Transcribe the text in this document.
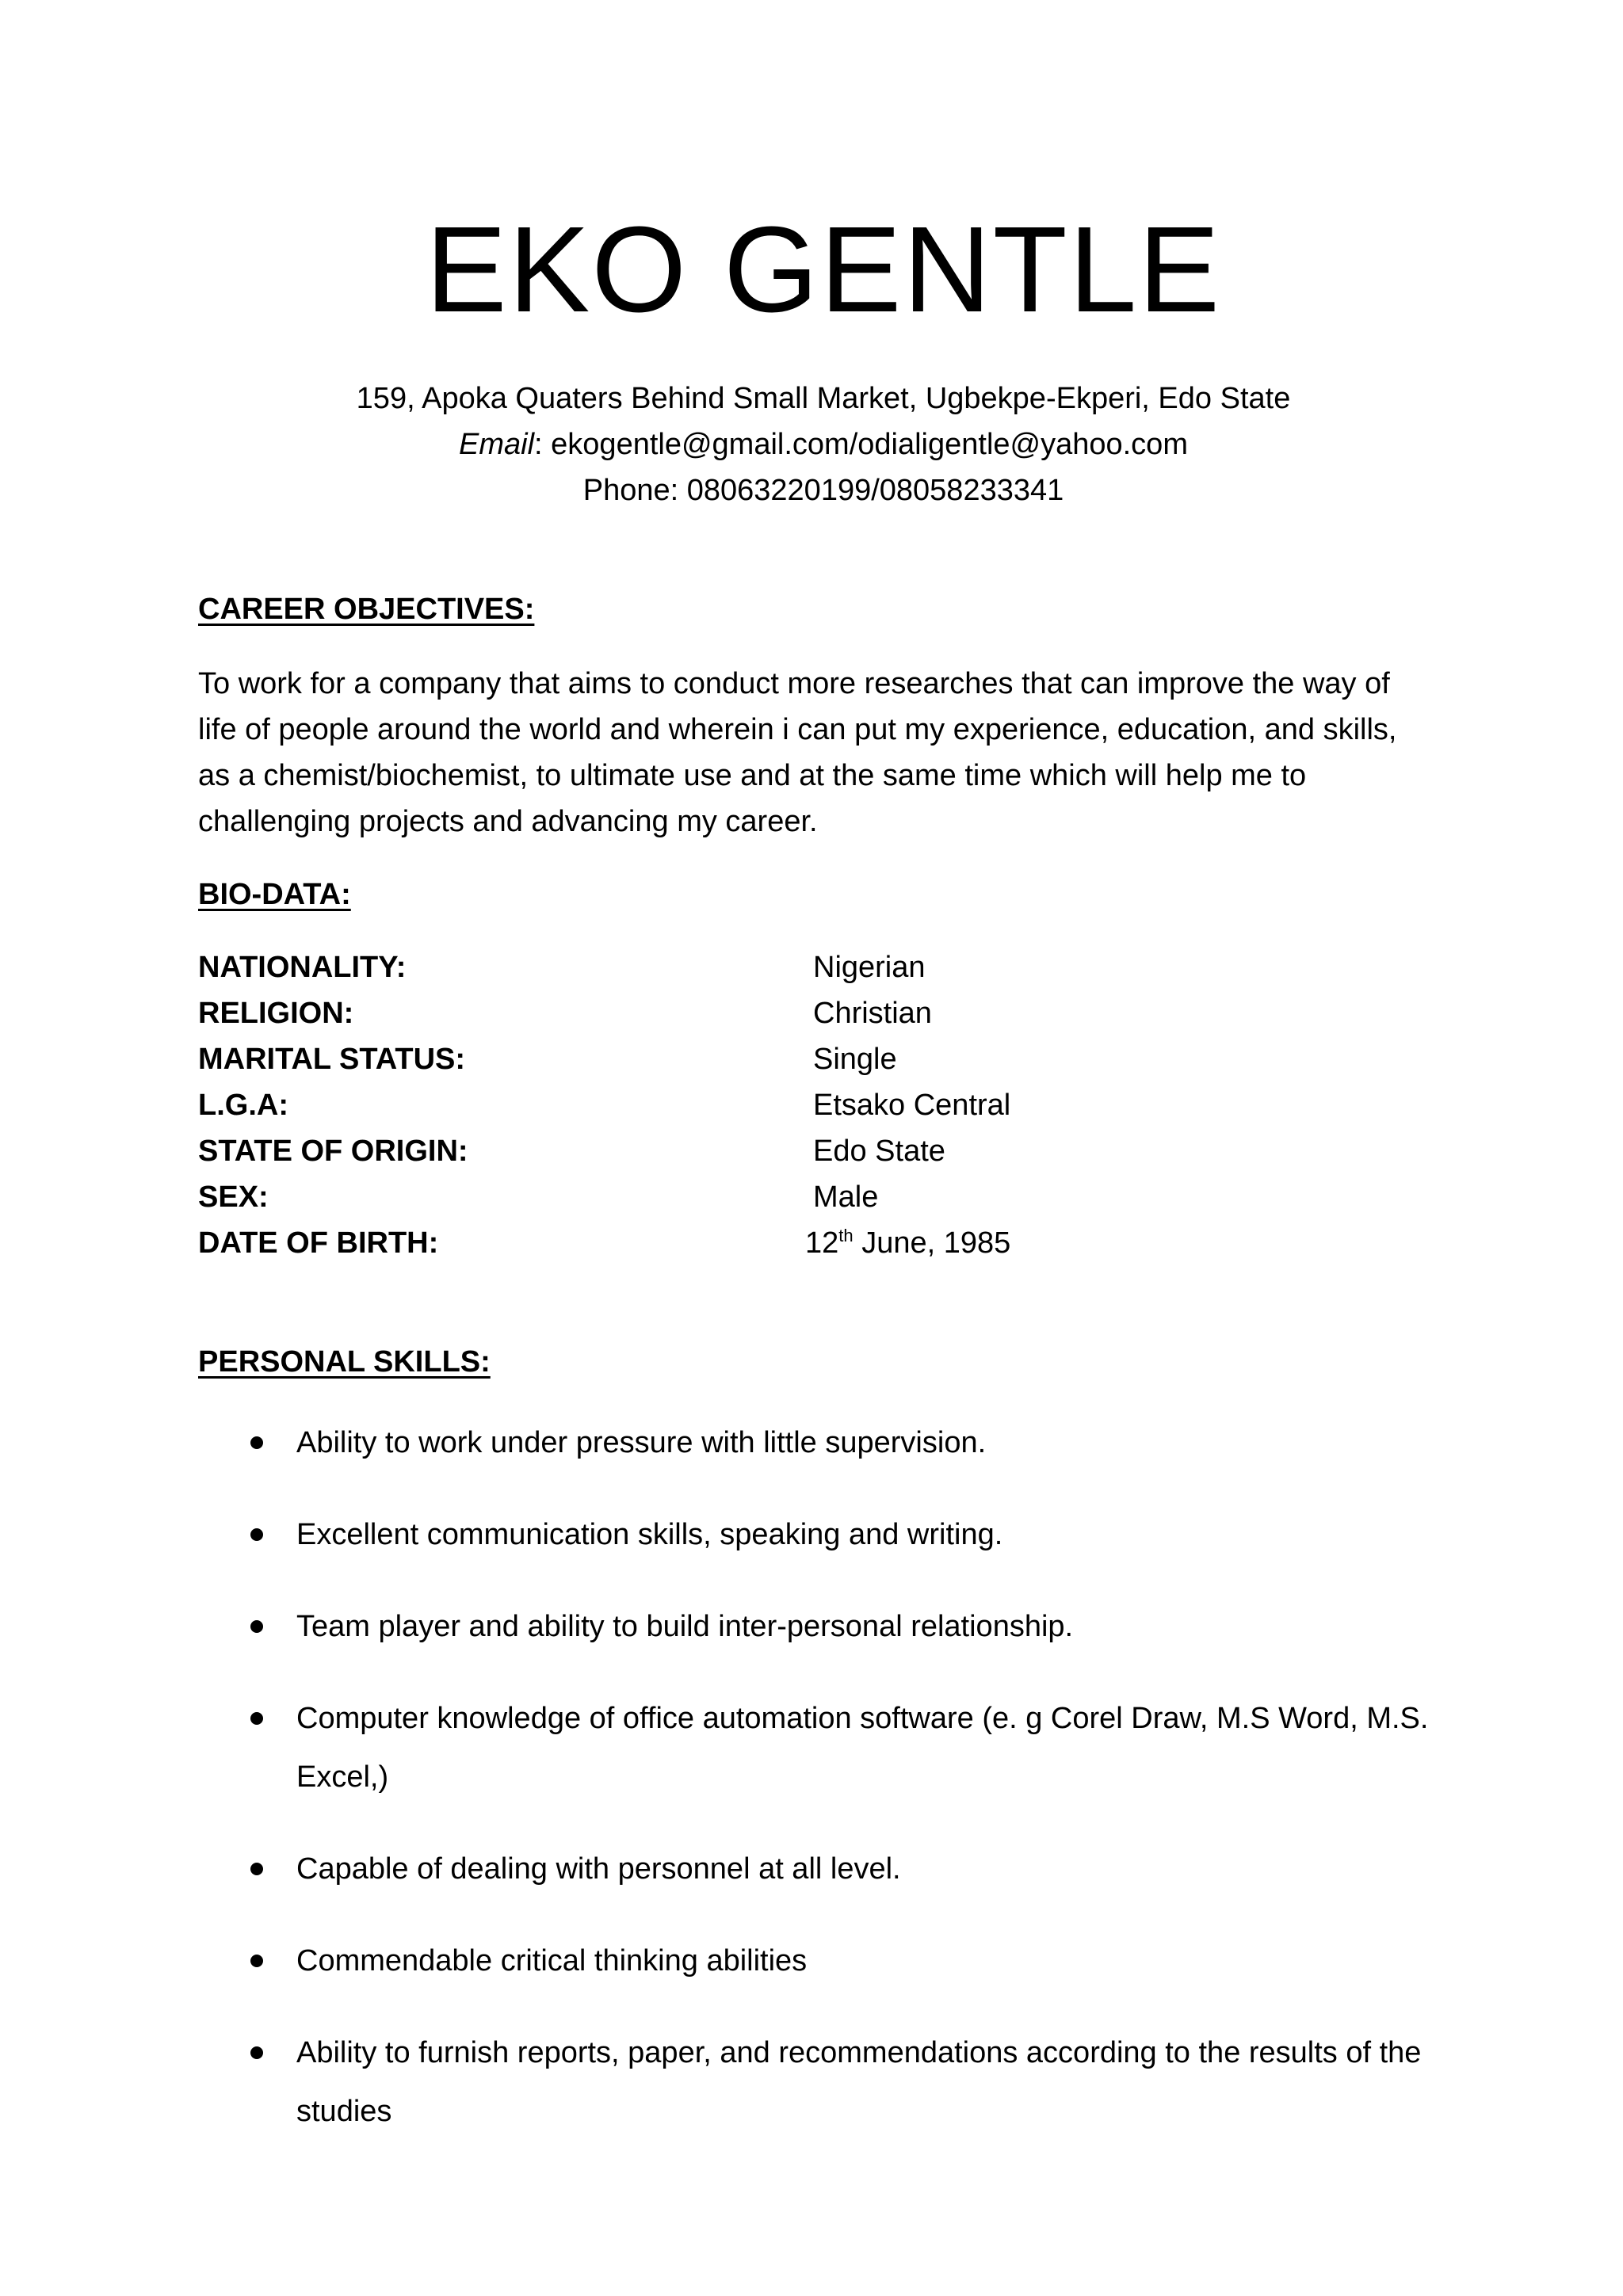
EKO GENTLE
159, Apoka Quaters Behind Small Market, Ugbekpe-Ekperi, Edo State
Email: ekogentle@gmail.com/odialigentle@yahoo.com
Phone: 08063220199/08058233341
CAREER OBJECTIVES:
To work for a company that aims to conduct more researches that can improve the way of life of people around the world and wherein i can put my experience, education, and skills, as a chemist/biochemist, to ultimate use and at the same time which will help me to challenging projects and advancing my career.
BIO-DATA:
NATIONALITY:	Nigerian
RELIGION:	Christian
MARITAL STATUS:	Single
L.G.A:	Etsako Central
STATE OF ORIGIN:	Edo State
SEX:	Male
DATE OF BIRTH:	12th June, 1985
PERSONAL SKILLS:
Ability to work under pressure with little supervision.
Excellent communication skills, speaking and writing.
Team player and ability to build inter-personal relationship.
Computer knowledge of office automation software (e. g Corel Draw, M.S Word, M.S. Excel,)
Capable of dealing with personnel at all level.
Commendable critical thinking abilities
Ability to furnish reports, paper, and recommendations according to the results of the studies
